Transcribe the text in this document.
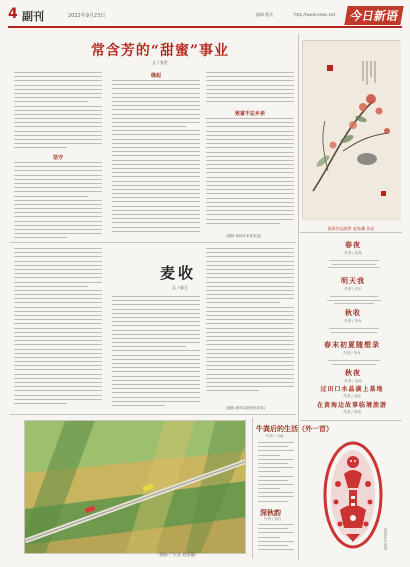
4 副刊	2022年9月23日	编辑 版式	http://www.news.net	今日新语
常含芳的“甜蜜”事业
文 / 张洪
坚守
缘起
致富不忘乡亲
(摄影:林林非家郭家梁)
画家作品欣赏 赵家骥 作品
麦收
文 / 郝玉
(摄影:林林实施家郭家梁)
（摄影 广区业 赵家骥）
春夜
作者 / 周易
明天我
作者 / 冯尹
秋收
作者 / 李丹
春末初夏随想录
作者 / 李丹
秋夜
作者 / 金冠
过田口水晶湖上基地
作者 / 金冠
在黄海边故事临境旅游
作者 / 李旭
牛粪后的生活（外一首）
作者 / 马涛
深秋韵
作者 / 刘红
剪纸作品 黄海
